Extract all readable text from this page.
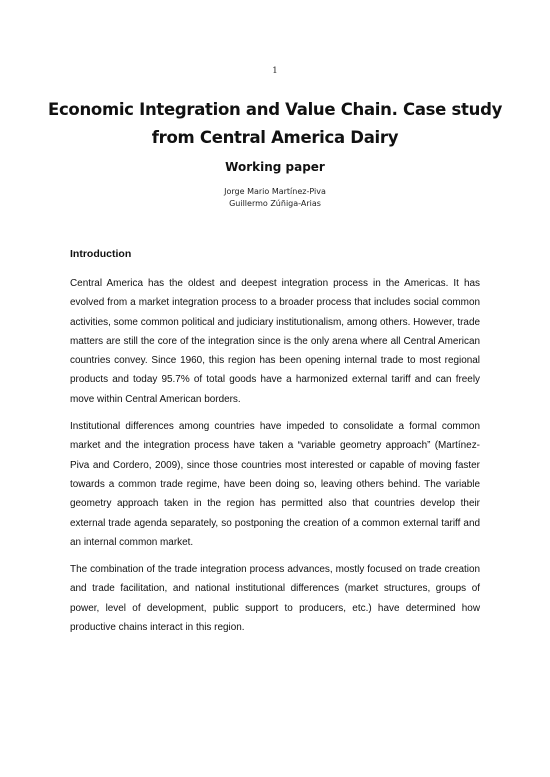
1
Economic Integration and Value Chain. Case study
from Central America Dairy
Working paper
Jorge Mario Martínez-Piva
Guillermo Zúñiga-Arias
Introduction

Central America has the oldest and deepest integration process in the Americas. It has evolved from a market integration process to a broader process that includes social common activities, some common political and judiciary institutionalism, among others. However, trade matters are still the core of the integration since is the only arena where all Central American countries convey. Since 1960, this region has been opening internal trade to most regional products and today 95.7% of total goods have a harmonized external tariff and can freely move within Central American borders.

Institutional differences among countries have impeded to consolidate a formal common market and the integration process have taken a “variable geometry approach” (Martínez-Piva and Cordero, 2009), since those countries most interested or capable of moving faster towards a common trade regime, have been doing so, leaving others behind. The variable geometry approach taken in the region has permitted also that countries develop their external trade agenda separately, so postponing the creation of a common external tariff and an internal common market.

The combination of the trade integration process advances, mostly focused on trade creation and trade facilitation, and national institutional differences (market structures, groups of power, level of development, public support to producers, etc.) have determined how productive chains interact in this region.
